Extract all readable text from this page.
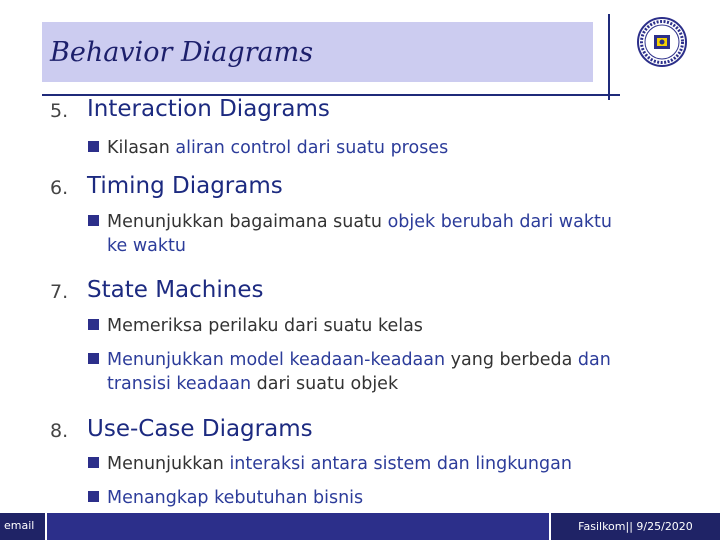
Behavior Diagrams
5. Interaction Diagrams
Kilasan aliran control dari suatu proses
6. Timing Diagrams
Menunjukkan bagaimana suatu objek berubah dari waktu
ke waktu
7. State Machines
Memeriksa perilaku dari suatu kelas
Menunjukkan model keadaan-keadaan yang berbeda dan
transisi keadaan dari suatu objek
8. Use-Case Diagrams
Menunjukkan interaksi antara sistem dan lingkungan
Menangkap kebutuhan bisnis
email	Fasilkom|| 9/25/2020
